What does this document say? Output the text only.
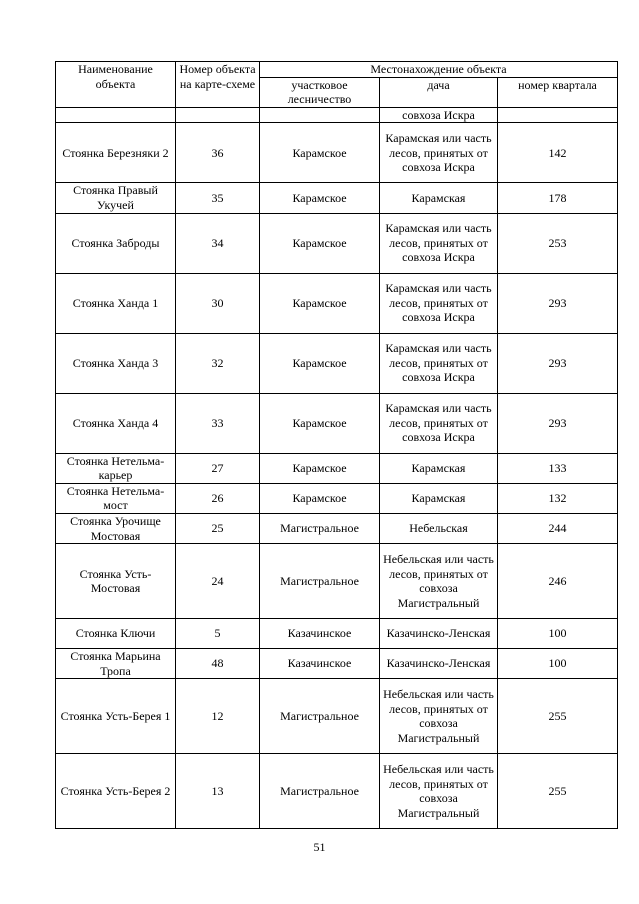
Наименование объекта	Номер объекта на карте-схеме	Местонахождение объекта		
		участковое лесничество	дача	номер квартала
			совхоза Искра	
Стоянка Березняки 2	36	Карамское	Карамская или часть лесов, принятых от совхоза Искра	142
Стоянка Правый Укучей	35	Карамское	Карамская	178
Стоянка Заброды	34	Карамское	Карамская или часть лесов, принятых от совхоза Искра	253
Стоянка Ханда 1	30	Карамское	Карамская или часть лесов, принятых от совхоза Искра	293
Стоянка Ханда 3	32	Карамское	Карамская или часть лесов, принятых от совхоза Искра	293
Стоянка Ханда 4	33	Карамское	Карамская или часть лесов, принятых от совхоза Искра	293
Стоянка Нетельма-карьер	27	Карамское	Карамская	133
Стоянка Нетельма-мост	26	Карамское	Карамская	132
Стоянка Урочище Мостовая	25	Магистральное	Небельская	244
Стоянка Усть-Мостовая	24	Магистральное	Небельская или часть лесов, принятых от совхоза Магистральный	246
Стоянка Ключи	5	Казачинское	Казачинско-Ленская	100
Стоянка Марьина Тропа	48	Казачинское	Казачинско-Ленская	100
Стоянка Усть-Берея 1	12	Магистральное	Небельская или часть лесов, принятых от совхоза Магистральный	255
Стоянка Усть-Берея 2	13	Магистральное	Небельская или часть лесов, принятых от совхоза Магистральный	255
51
